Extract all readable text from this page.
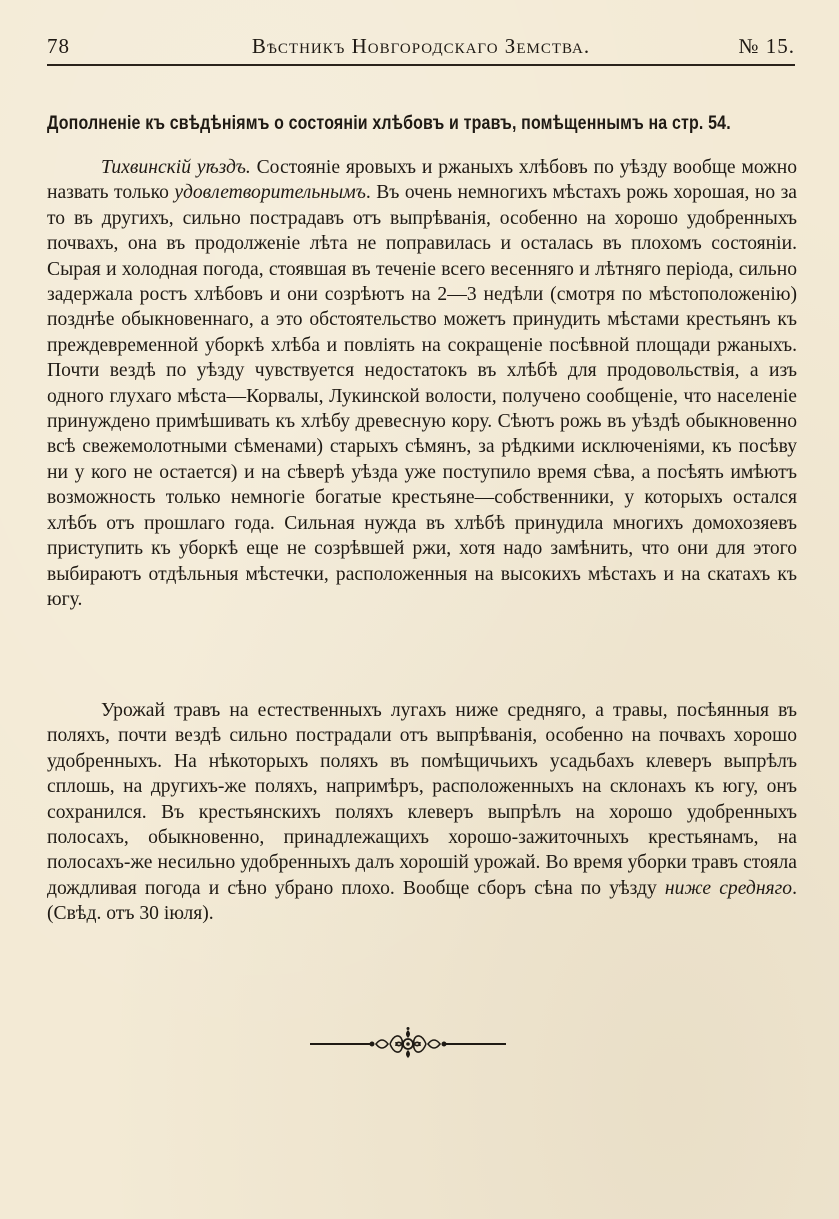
78	Вѣстникъ Новгородскаго Земства.	№ 15.
Дополненіе къ свѣдѣніямъ о состояніи хлѣбовъ и травъ, помѣщеннымъ на стр. 54.

Тихвинскій уѣздъ. Состояніе яровыхъ и ржаныхъ хлѣбовъ по уѣзду вообще можно назвать только удовлетворительнымъ. Въ очень немногихъ мѣстахъ рожь хорошая, но за то въ другихъ, сильно пострадавъ отъ выпрѣванія, особенно на хорошо удобренныхъ почвахъ, она въ продолженіе лѣта не поправилась и осталась въ плохомъ состояніи. Сырая и холодная погода, стоявшая въ теченіе всего весенняго и лѣтняго періода, сильно задержала ростъ хлѣбовъ и они созрѣютъ на 2—3 недѣли (смотря по мѣстоположенію) позднѣе обыкновеннаго, а это обстоятельство можетъ принудить мѣстами крестьянъ къ преждевременной уборкѣ хлѣба и повліять на сокращеніе посѣвной площади ржаныхъ. Почти вездѣ по уѣзду чувствуется недостатокъ въ хлѣбѣ для продовольствія, а изъ одного глухаго мѣста—Корвалы, Лукинской волости, получено сообщеніе, что населеніе принуждено примѣшивать къ хлѣбу древесную кору. Сѣютъ рожь въ уѣздѣ обыкновенно всѣ свежемолотными сѣменами) старыхъ сѣмянъ, за рѣдкими исключеніями, къ посѣву ни у кого не остается) и на сѣверѣ уѣзда уже поступило время сѣва, а посѣять имѣютъ возможность только немногіе богатые крестьяне—собственники, у которыхъ остался хлѣбъ отъ прошлаго года. Сильная нужда въ хлѣбѣ принудила многихъ домохозяевъ приступить къ уборкѣ еще не созрѣвшей ржи, хотя надо замѣнить, что они для этого выбираютъ отдѣльныя мѣстечки, расположенныя на высокихъ мѣстахъ и на скатахъ къ югу.

Урожай травъ на естественныхъ лугахъ ниже средняго, а травы, посѣянныя въ поляхъ, почти вездѣ сильно пострадали отъ выпрѣванія, особенно на почвахъ хорошо удобренныхъ. На нѣкоторыхъ поляхъ въ помѣщичьихъ усадьбахъ клеверъ выпрѣлъ сплошь, на другихъ-же поляхъ, напримѣръ, расположенныхъ на склонахъ къ югу, онъ сохранился. Въ крестьянскихъ поляхъ клеверъ выпрѣлъ на хорошо удобренныхъ полосахъ, обыкновенно, принадлежащихъ хорошо-зажиточныхъ крестьянамъ, на полосахъ-же несильно удобренныхъ далъ хорошій урожай. Во время уборки травъ стояла дождливая погода и сѣно убрано плохо. Вообще сборъ сѣна по уѣзду ниже средняго. (Свѣд. отъ 30 іюля).
